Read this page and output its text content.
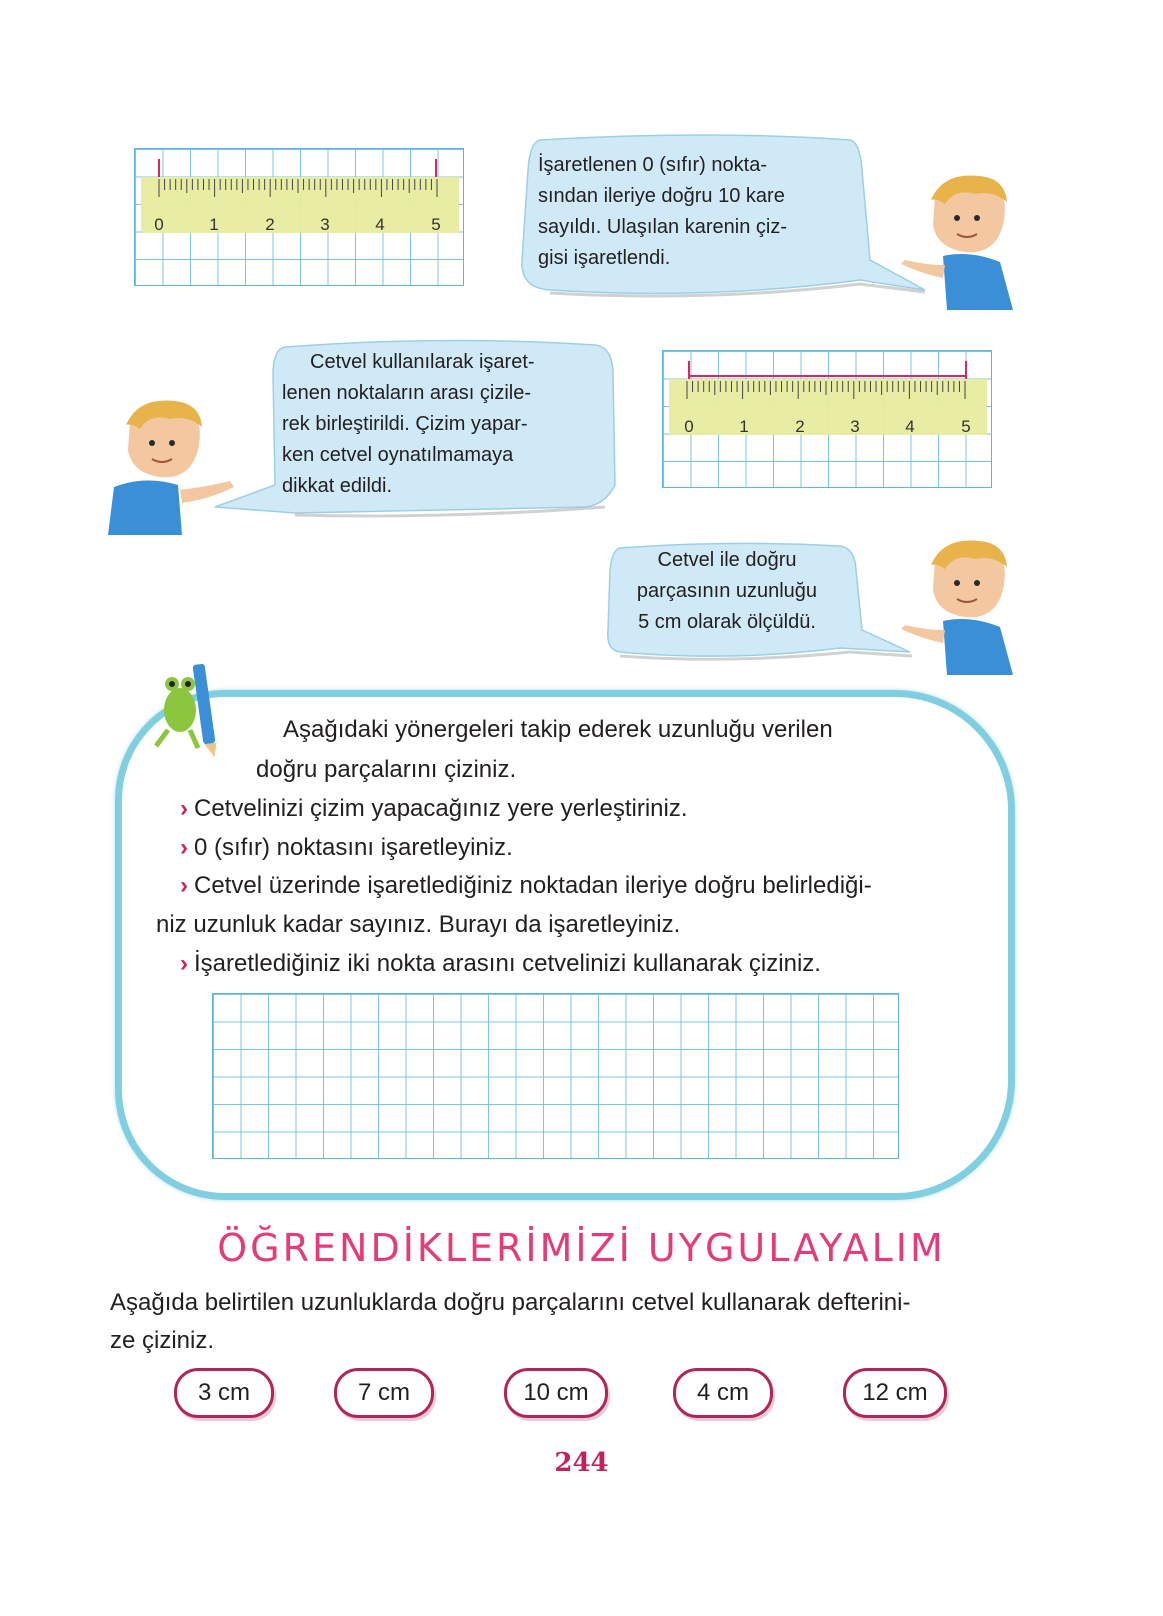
0	1	2	3	4	5
İşaretlenen 0 (sıfır) nokta-
sından ileriye doğru 10 kare
sayıldı. Ulaşılan karenin çiz-
gisi işaretlendi.
Cetvel kullanılarak işaret-
lenen noktaların arası çizile-
rek birleştirildi. Çizim yapar-
ken cetvel oynatılmamaya
dikkat edildi.
0	1	2	3	4	5
Cetvel ile doğru
parçasının uzunluğu
5 cm olarak ölçüldü.
Aşağıdaki yönergeleri takip ederek uzunluğu verilen
doğru parçalarını çiziniz.
› Cetvelinizi çizim yapacağınız yere yerleştiriniz.
› 0 (sıfır) noktasını işaretleyiniz.
› Cetvel üzerinde işaretlediğiniz noktadan ileriye doğru belirlediği-
niz uzunluk kadar sayınız. Burayı da işaretleyiniz.
› İşaretlediğiniz iki nokta arasını cetvelinizi kullanarak çiziniz.
ÖĞRENDİKLERİMİZİ UYGULAYALIM
Aşağıda belirtilen uzunluklarda doğru parçalarını cetvel kullanarak defterini-
ze çiziniz.
3 cm	7 cm	10 cm	4 cm	12 cm
244
